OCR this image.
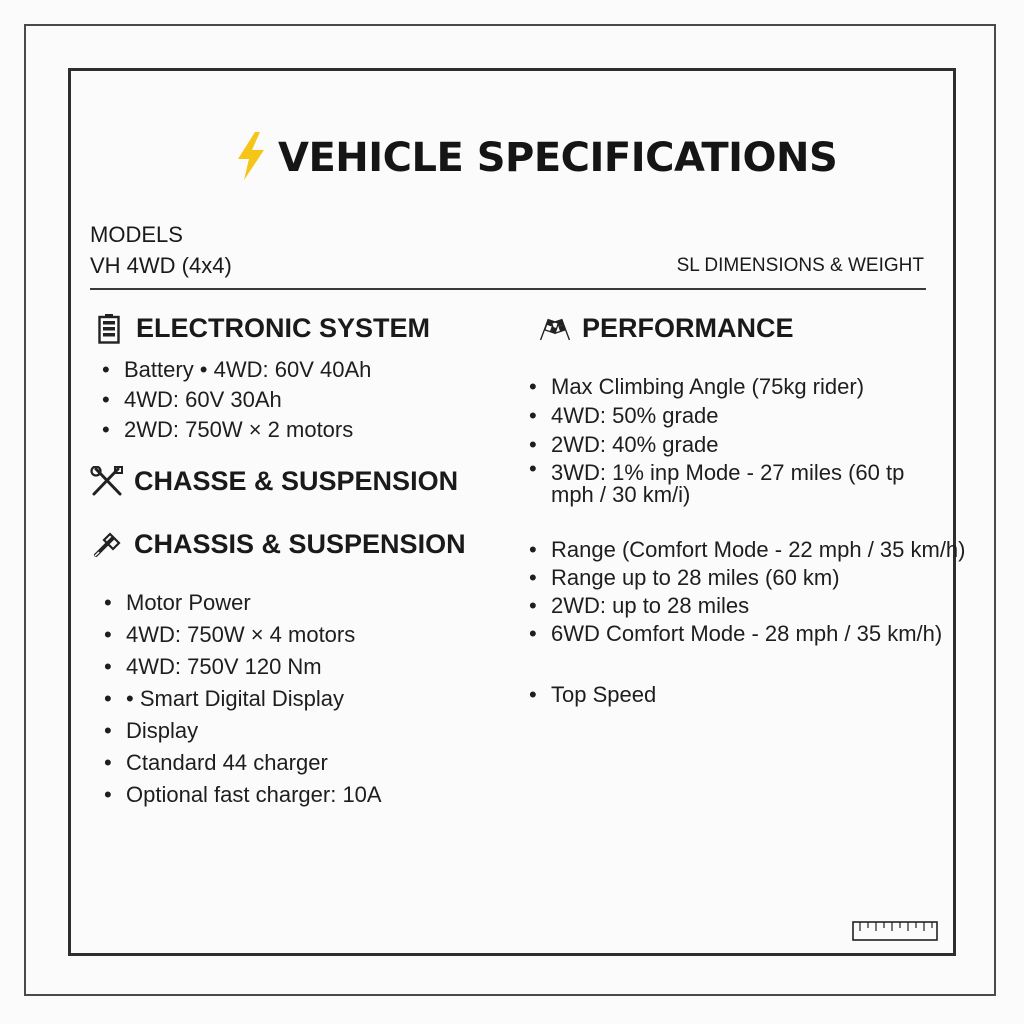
VEHICLE SPECIFICATIONS
MODELS
VH 4WD (4x4)	SL DIMENSIONS & WEIGHT
ELECTRONIC SYSTEM
• Battery • 4WD: 60V 40Ah
• 4WD: 60V 30Ah
• 2WD: 750W × 2 motors
CHASSE & SUSPENSION
CHASSIS & SUSPENSION
• Motor Power
• 4WD: 750W × 4 motors
• 4WD: 750V 120 Nm
• • Smart Digital Display
• Display
• Ctandard 44 charger
• Optional fast charger: 10A
PERFORMANCE
• Max Climbing Angle (75kg rider)
• 4WD: 50% grade
• 2WD: 40% grade
• 3WD: 1% inp Mode - 27 miles (60 tp mph / 30 km/i)
• Range (Comfort Mode - 22 mph / 35 km/h)
• Range up to 28 miles (60 km)
• 2WD: up to 28 miles
• 6WD Comfort Mode - 28 mph / 35 km/h)
• Top Speed
